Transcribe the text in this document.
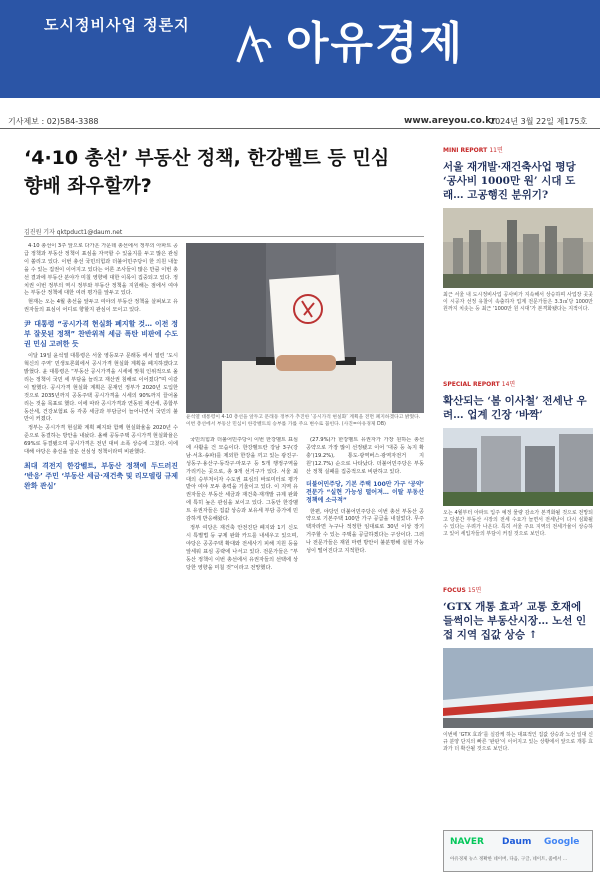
도시정비사업 정론지 아유경제
기사제보 : 02)584-3388	www.areyou.co.kr
2024년 3월 22일 제175호
‘4·10 총선’ 부동산 정책, 한강벨트 등 민심
향배 좌우할까?
김진원 기자 qktpduct1@daum.net

4·10 총선이 3주 앞으로 다가온 가운데 총선에서 정부의 아파트 공급 정책과 부동산 정책이 표심을 자극할 수 있을지를 두고 많은 관심이 쏠리고 있다. 이번 총선 국민의힘과 더불어민주당이 한 의원 내놓을 수 있는 집권이 이어지고 있다는 어론 조사들이 많은 만큼 이번 총선 결과에 부동산 분야가 미칠 영향에 대한 이목이 집중되고 있다. 정치권 이번 정부의 역시 정부와 부동산 정책을 지원해는 점에서 여야는 부동산 정책에 대한 여러 평가를 앞두고 있다.

현재는 오는 4월 총선을 앞두고 여야의 부동산 정책을 살펴보고 유권자들의 표심이 어디로 향할지 관심이 모이고 있다.

尹 대통령 “공시가격 현실화 폐지할 것… 이전 정부 잘못된 정책” 찬반위적 세금 폭탄 비판에 수도권 민심 고려한 듯

이달 19일 윤석열 대통령은 서울 영등포구 문래동 에서 열린 ‘도시 혁신의 주역’ 민생토론회에서 공시가격 현실화 계획을 폐지하겠다고 밝혔다. 윤 대통령은 “부동산 공시가격을 시세에 맞춰 인위적으로 올리는 정책이 국민 세 부담을 늘리고 재산권 침해로 이어졌다”며 이같이 말했다. 공시가격 현실화 계획은 문재인 정부가 2020년 도입한 것으로 2035년까지 공동주택 공시가격을 시세의 90%까지 끌어올리는 것을 목표로 했다. 이에 따라 공시가격과 연동된 재산세, 종합부동산세, 건강보험료 등 각종 세금과 부담금이 늘어나면서 국민의 불만이 커졌다.

정부는 공시가격 현실화 계획 폐지와 함께 현실화율을 2020년 수준으로 동결하는 방안을 내놨다. 올해 공동주택 공시가격 현실화율은 69%로 동결됐으며 공시가격은 전년 대비 소폭 상승에 그쳤다. 이에 대해 야당은 총선을 앞둔 선심성 정책이라며 비판했다.

최대 격전지 한강벨트, 부동산 정책에 두드러진 ‘반응’ 주민 ‘부동산 세금·재건축 및 리모델링 규제 완화 관심’
윤석열 대통령이 4·10 총선을 앞두고 문래동 정부가 추진한 ‘공시가격 현실화’ 계획을 전면 폐지하겠다고 밝혔다. 이번 총선에서 부동산 민심이 한강벨트의 승부를 가를 주요 변수로 꼽힌다. (사진=아유경제 DB)

국민의힘과 더불어민주당이 이번 한강벨트 표심에 사활을 건 모습이다. 한강벨트란 강남 3구(강남·서초·송파)를 제외한 한강을 끼고 있는 광진구·성동구·용산구·동작구·마포구 등 5개 행정구역을 가리키는 곳으로, 총 9개 선거구가 있다. 서울 최대의 승부처이자 수도권 표심의 바로미터로 평가받아 여야 모두 총력을 기울이고 있다. 이 지역 유권자들은 부동산 세금과 재건축·재개발 규제 완화에 특히 높은 관심을 보이고 있다. 그동안 한강벨트 유권자들은 집값 상승과 보유세 부담 증가에 민감하게 반응해왔다.

정부 여당은 재건축 안전진단 폐지와 1기 신도시 특별법 등 규제 완화 카드를 내세우고 있으며, 야당은 공공주택 확대와 전세사기 피해 지원 등을 앞세워 표심 공략에 나서고 있다. 전문가들은 “부동산 정책이 이번 총선에서 유권자들의 선택에 상당한 영향을 미칠 것”이라고 전망했다.

(27.9%)가 한강벨트 유권자가 가장 원하는 총선 공약으로 가장 많이 선정됐고 이어 ‘대중 등 녹지 확충’(19.2%), 통도·광역버스·광역자전거 지원’(12.7%) 순으로 나타났다. 더불어민주당은 부동산 정책 실패를 집중적으로 비판하고 있다.

더불어민주당, 기본 주택 100만 가구 ‘공약’ 전문가 “실현 가능성 떨어져… 이탈 부동산 정책에 소극적”

한편, 야당인 더불어민주당은 이번 총선 부동산 공약으로 기본주택 100만 가구 공급을 내걸었다. 무주택자라면 누구나 적정한 임대료로 30년 이상 장기 거주할 수 있는 주택을 공급하겠다는 구상이다. 그러나 전문가들은 재원 마련 방안이 불분명해 실현 가능성이 떨어진다고 지적한다.

MINI REPORT 11면
서울 재개발·재건축사업 평당 ‘공사비 1000만 원’ 시대 도래… 고공행진 분위기?
최근 서울 내 도시정비사업 공사비가 지속해서 상승하며 사업장 곳곳이 시공자 선정 유찰이 속출하자 업계 전문가들은 3.3㎡당 1000만 원까지 치솟는 등 최근 ‘1000만 원 시대’가 본격화됐다는 지적이다.
SPECIAL REPORT 14면
확산되는 ‘봄 이사철’ 전세난 우려… 업계 긴장 ‘바짝’
오는 4월부터 아파트 입주 예정 물량 감소가 본격화될 것으로 전망되고 당분간 부동산 시장의 전세 수요가 늘면서 전세난이 다시 심화될 수 있다는 우려가 나온다. 특히 서울 주요 지역의 전세가율이 상승하고 있어 세입자들의 부담이 커질 것으로 보인다.
FOCUS 15면
‘GTX 개통 효과’ 교통 호재에 들썩이는 부동산시장… 노선 인접 지역 집값 상승 ↑
이번에 ‘GTX 효과’를 실감케 하는 대표적인 집값 상승과 노선 일대 신규 분양 단지의 빠른 ‘완판’이 이어지고 있는 상황에서 앞으로 개통 효과가 더 확산될 것으로 보인다.
NAVER Daum Google
아유경제 뉴스 정확한 네이버, 다음, 구글, 네이트, 줌에서 …
